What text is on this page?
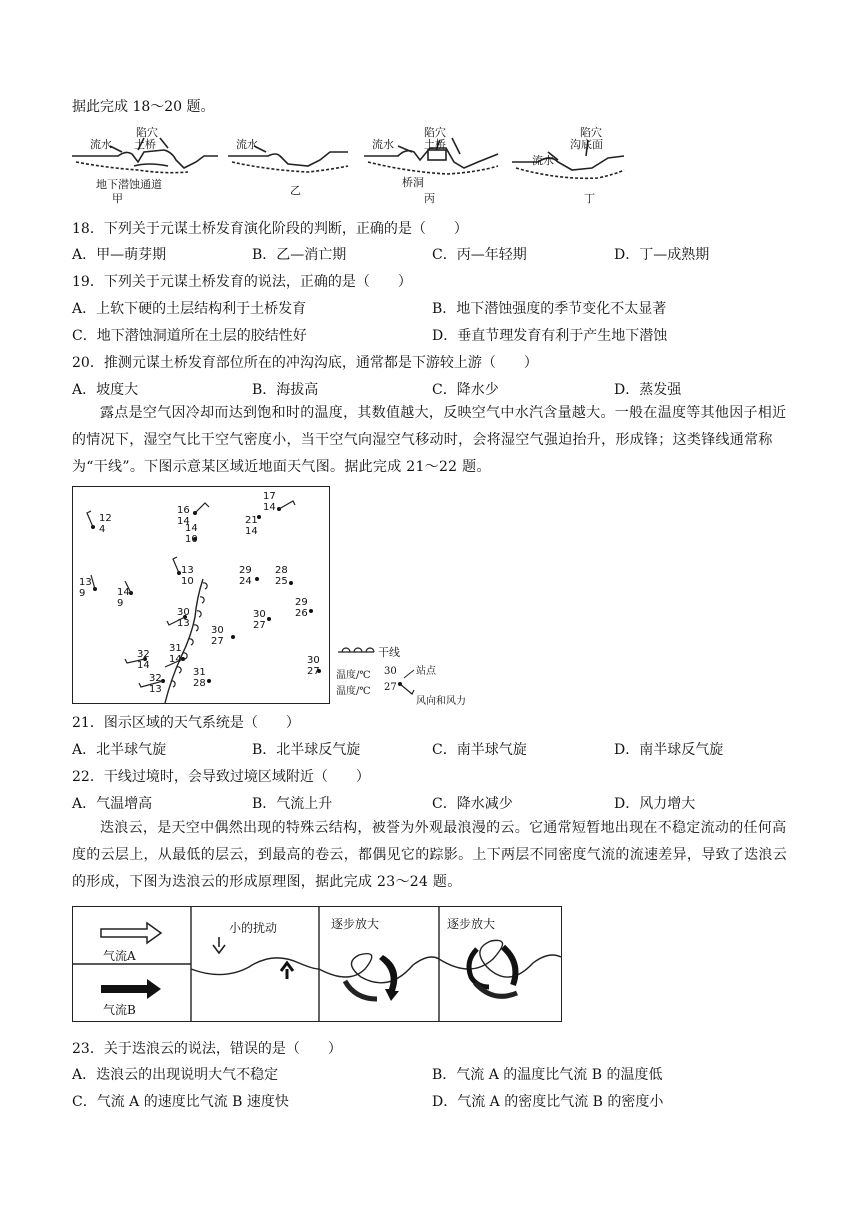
据此完成 18～20 题。
流水
陷穴
土桥
地下潜蚀通道
甲
流水
乙
流水
陷穴
土桥
桥洞
丙
流水
陷穴
沟底面
丁
18．下列关于元谋土桥发育演化阶段的判断，正确的是（　　）
A．甲—萌芽期	B．乙—消亡期	C．丙—年轻期	D．丁—成熟期
19．下列关于元谋土桥发育的说法，正确的是（　　）
A．上软下硬的土层结构利于土桥发育	B．地下潜蚀强度的季节变化不太显著
C．地下潜蚀洞道所在土层的胶结性好	D．垂直节理发育有利于产生地下潜蚀
20．推测元谋土桥发育部位所在的冲沟沟底，通常都是下游较上游（　　）
A．坡度大	B．海拔高	C．降水少	D．蒸发强
露点是空气因冷却而达到饱和时的温度，其数值越大，反映空气中水汽含量越大。一般在温度等其他因子相近的情况下，湿空气比干空气密度小，当干空气向湿空气移动时，会将湿空气强迫抬升，形成锋；这类锋线通常称为“干线”。下图示意某区域近地面天气图。据此完成 21～22 题。
12
4
16
14
17
14
21
14
14
10
13
10
13
9	14
9
29
24
28
25
29
26
30
13
30
27
30
27
32
14
31
14
32
13
31
28
30
27
干线
温度/℃
温度/℃
30
27
站点
风向和风力
21．图示区域的天气系统是（　　）
A．北半球气旋	B．北半球反气旋	C．南半球气旋	D．南半球反气旋
22．干线过境时，会导致过境区域附近（　　）
A．气温增高	B．气流上升	C．降水减少	D．风力增大
迭浪云，是天空中偶然出现的特殊云结构，被誉为外观最浪漫的云。它通常短暂地出现在不稳定流动的任何高度的云层上，从最低的层云，到最高的卷云，都偶见它的踪影。上下两层不同密度气流的流速差异，导致了迭浪云的形成，下图为迭浪云的形成原理图，据此完成 23～24 题。
气流A
气流B
小的扰动	逐步放大	逐步放大
23．关于迭浪云的说法，错误的是（　　）
A．迭浪云的出现说明大气不稳定	B．气流 A 的温度比气流 B 的温度低
C．气流 A 的速度比气流 B 速度快	D．气流 A 的密度比气流 B 的密度小
